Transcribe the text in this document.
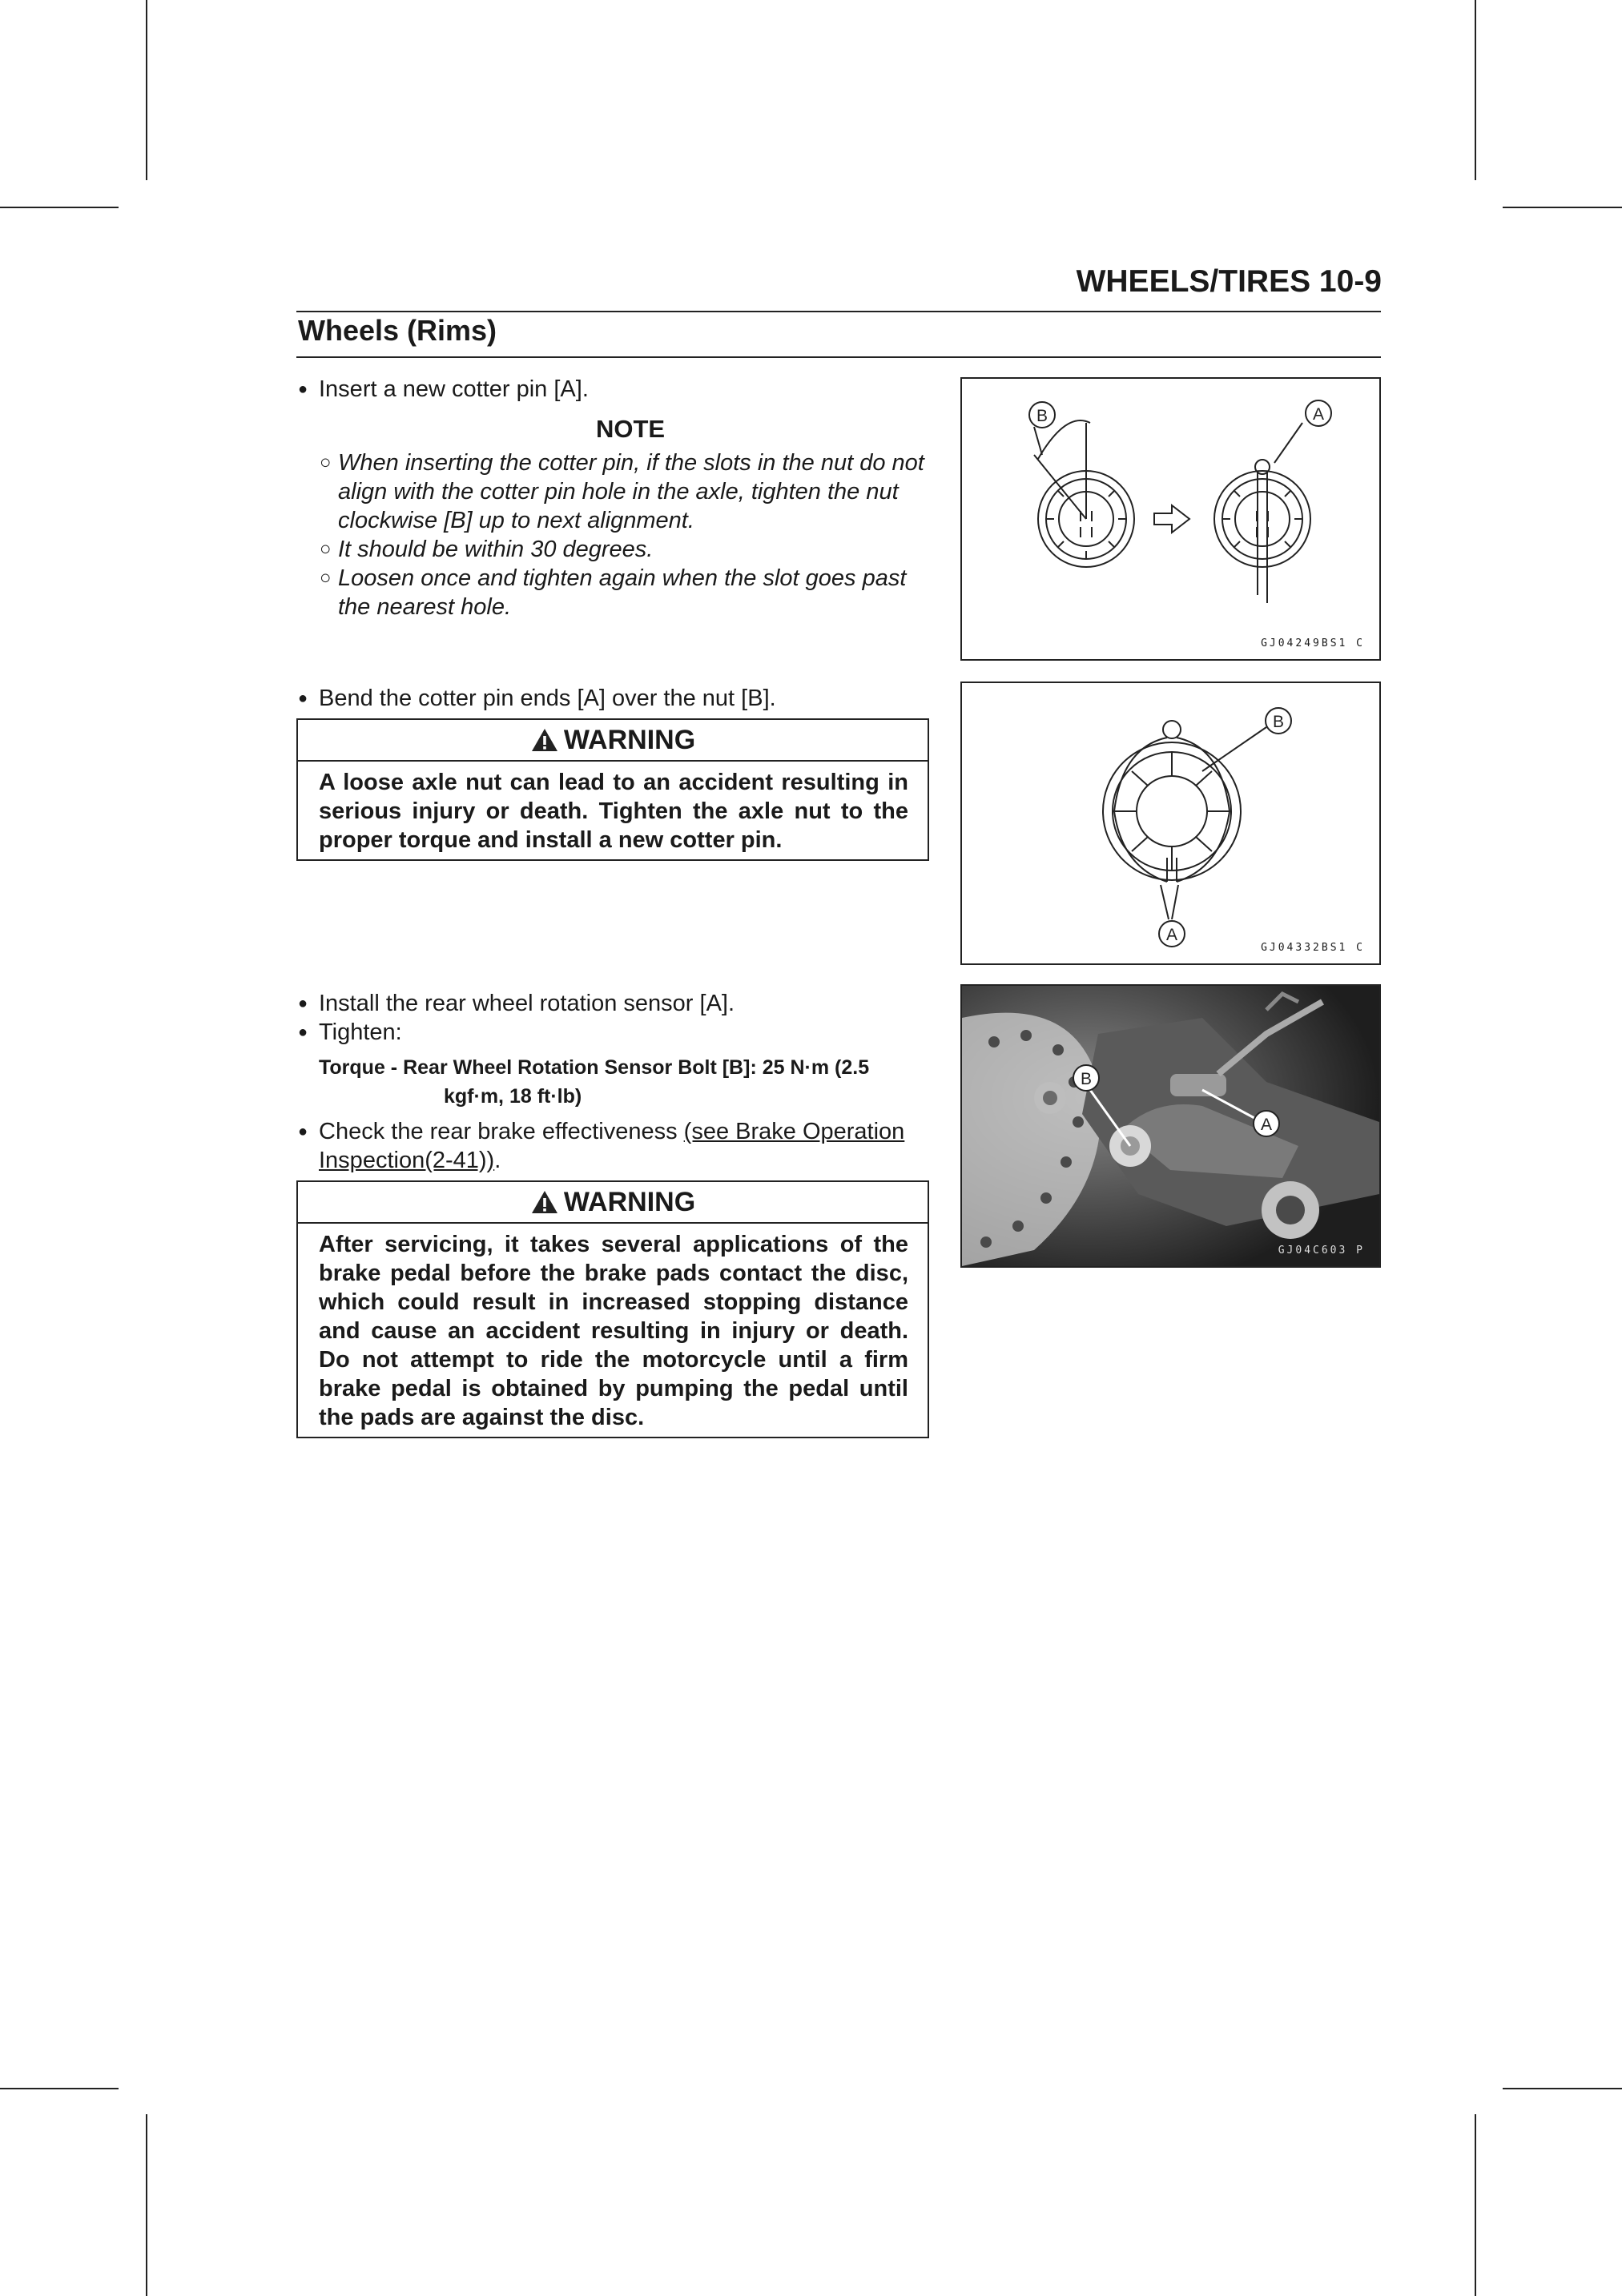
WHEELS/TIRES 10-9
Wheels (Rims)
● Insert a new cotter pin [A].
NOTE
○ When inserting the cotter pin, if the slots in the nut do not align with the cotter pin hole in the axle, tighten the nut clockwise [B] up to next alignment.
○ It should be within 30 degrees.
○ Loosen once and tighten again when the slot goes past the nearest hole.
B	A
GJ04249BS1 C
● Bend the cotter pin ends [A] over the nut [B].
WARNING
A loose axle nut can lead to an accident resulting in serious injury or death. Tighten the axle nut to the proper torque and install a new cotter pin.
B
A
GJ04332BS1 C
● Install the rear wheel rotation sensor [A].
● Tighten:
Torque - Rear Wheel Rotation Sensor Bolt [B]: 25 N·m (2.5
kgf·m, 18 ft·lb)
● Check the rear brake effectiveness (see Brake Operation Inspection(2-41)).
WARNING
After servicing, it takes several applications of the brake pedal before the brake pads contact the disc, which could result in increased stopping distance and cause an accident resulting in injury or death. Do not attempt to ride the motorcycle until a firm brake pedal is obtained by pumping the pedal until the pads are against the disc.
B
A
GJ04C603 P
